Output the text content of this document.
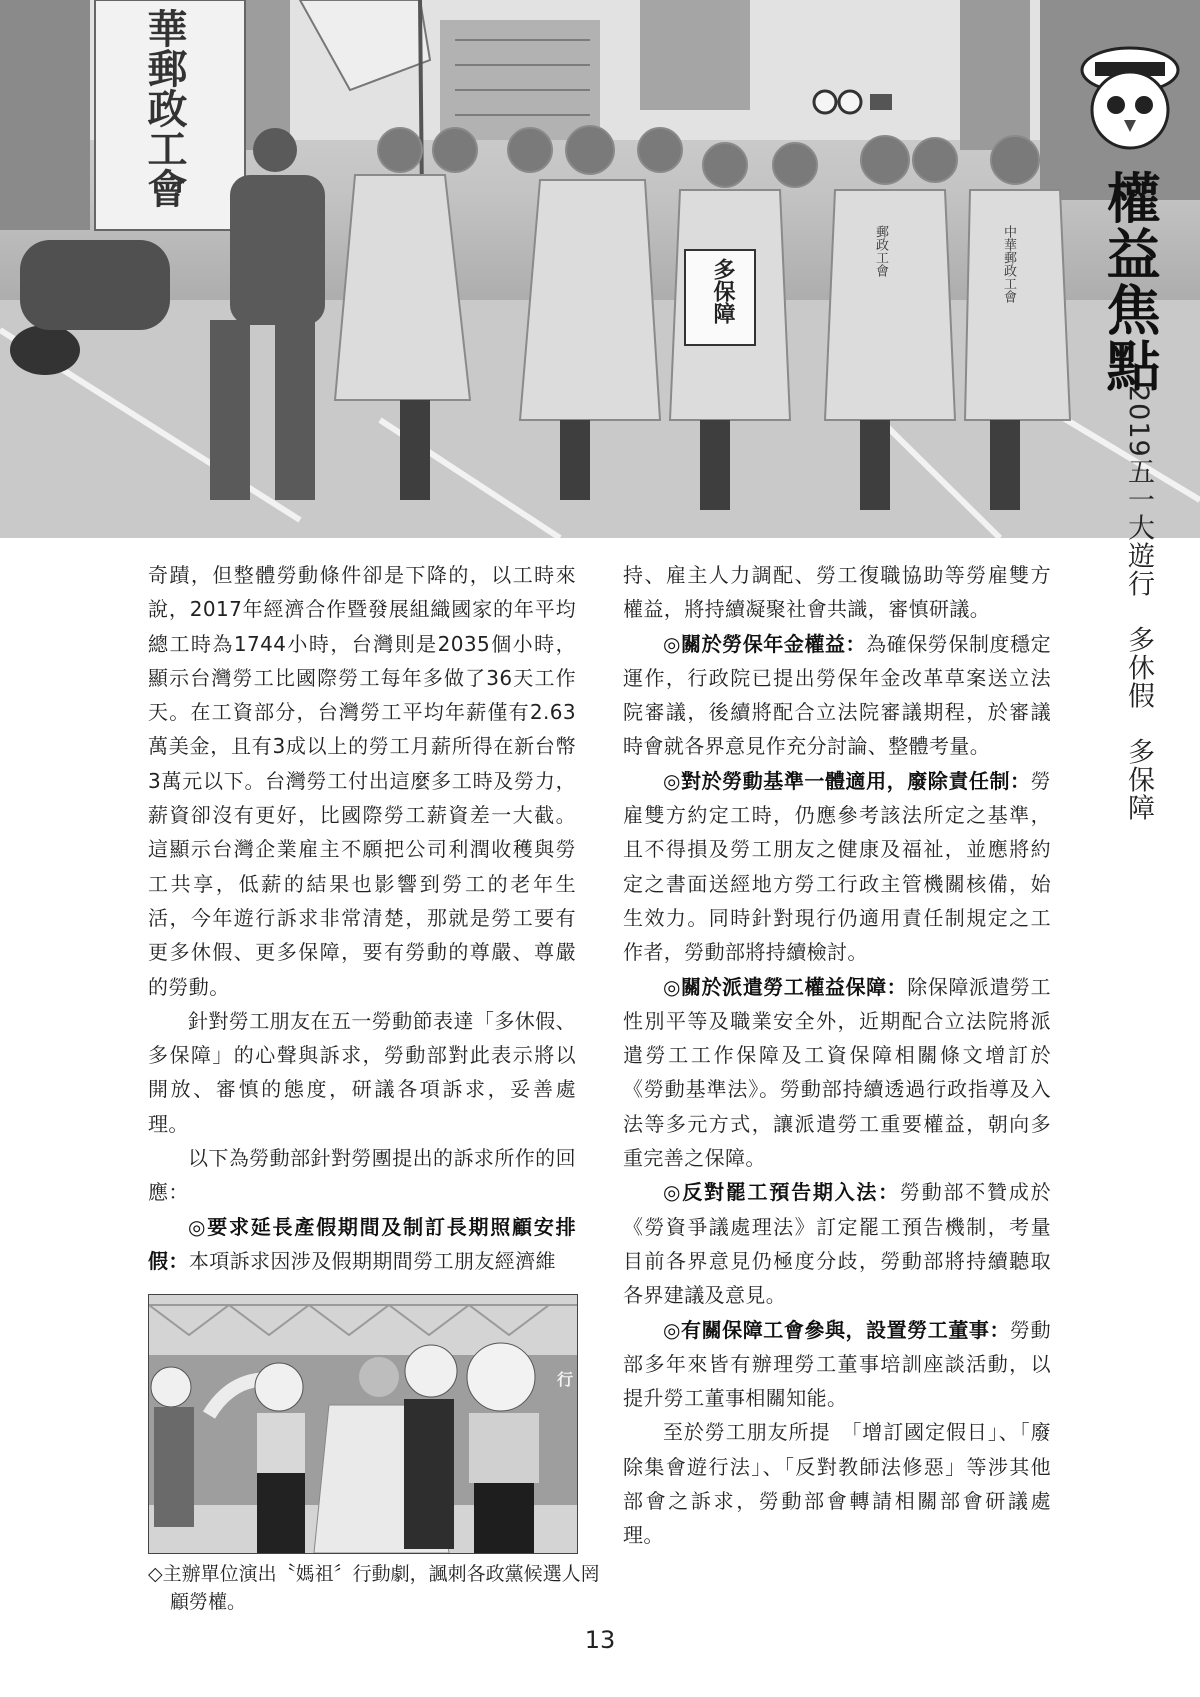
華郵政工會
多保障
郵政工會	中華郵政工會 權益焦點
2019五一大遊行　多休假　多保障

奇蹟，但整體勞動條件卻是下降的，以工時來說，2017年經濟合作暨發展組織國家的年平均總工時為1744小時，台灣則是2035個小時，顯示台灣勞工比國際勞工每年多做了36天工作天。在工資部分，台灣勞工平均年薪僅有2.63萬美金，且有3成以上的勞工月薪所得在新台幣3萬元以下。台灣勞工付出這麼多工時及勞力，薪資卻沒有更好，比國際勞工薪資差一大截。這顯示台灣企業雇主不願把公司利潤收穫與勞工共享，低薪的結果也影響到勞工的老年生活，今年遊行訴求非常清楚，那就是勞工要有更多休假、更多保障，要有勞動的尊嚴、尊嚴的勞動。

針對勞工朋友在五一勞動節表達「多休假、多保障」的心聲與訴求，勞動部對此表示將以開放、審慎的態度，研議各項訴求，妥善處理。

以下為勞動部針對勞團提出的訴求所作的回應：

◎要求延長產假期間及制訂長期照顧安排假：本項訴求因涉及假期期間勞工朋友經濟維

持、雇主人力調配、勞工復職協助等勞雇雙方權益，將持續凝聚社會共識，審慎研議。

◎關於勞保年金權益：為確保勞保制度穩定運作，行政院已提出勞保年金改革草案送立法院審議，後續將配合立法院審議期程，於審議時會就各界意見作充分討論、整體考量。

◎對於勞動基準一體適用，廢除責任制：勞雇雙方約定工時，仍應參考該法所定之基準，且不得損及勞工朋友之健康及福祉，並應將約定之書面送經地方勞工行政主管機關核備，始生效力。同時針對現行仍適用責任制規定之工作者，勞動部將持續檢討。

◎關於派遣勞工權益保障：除保障派遣勞工性別平等及職業安全外，近期配合立法院將派遣勞工工作保障及工資保障相關條文增訂於《勞動基準法》。勞動部持續透過行政指導及入法等多元方式，讓派遣勞工重要權益，朝向多重完善之保障。

◎反對罷工預告期入法：勞動部不贊成於《勞資爭議處理法》訂定罷工預告機制，考量目前各界意見仍極度分歧，勞動部將持續聽取各界建議及意見。

◎有關保障工會參與，設置勞工董事：勞動部多年來皆有辦理勞工董事培訓座談活動，以提升勞工董事相關知能。

至於勞工朋友所提　「增訂國定假日」、「廢除集會遊行法」、「反對教師法修惡」等涉其他部會之訴求，勞動部會轉請相關部會研議處理。

行
◇主辦單位演出〝媽祖〞行動劇，諷刺各政黨候選人罔顧勞權。
13
